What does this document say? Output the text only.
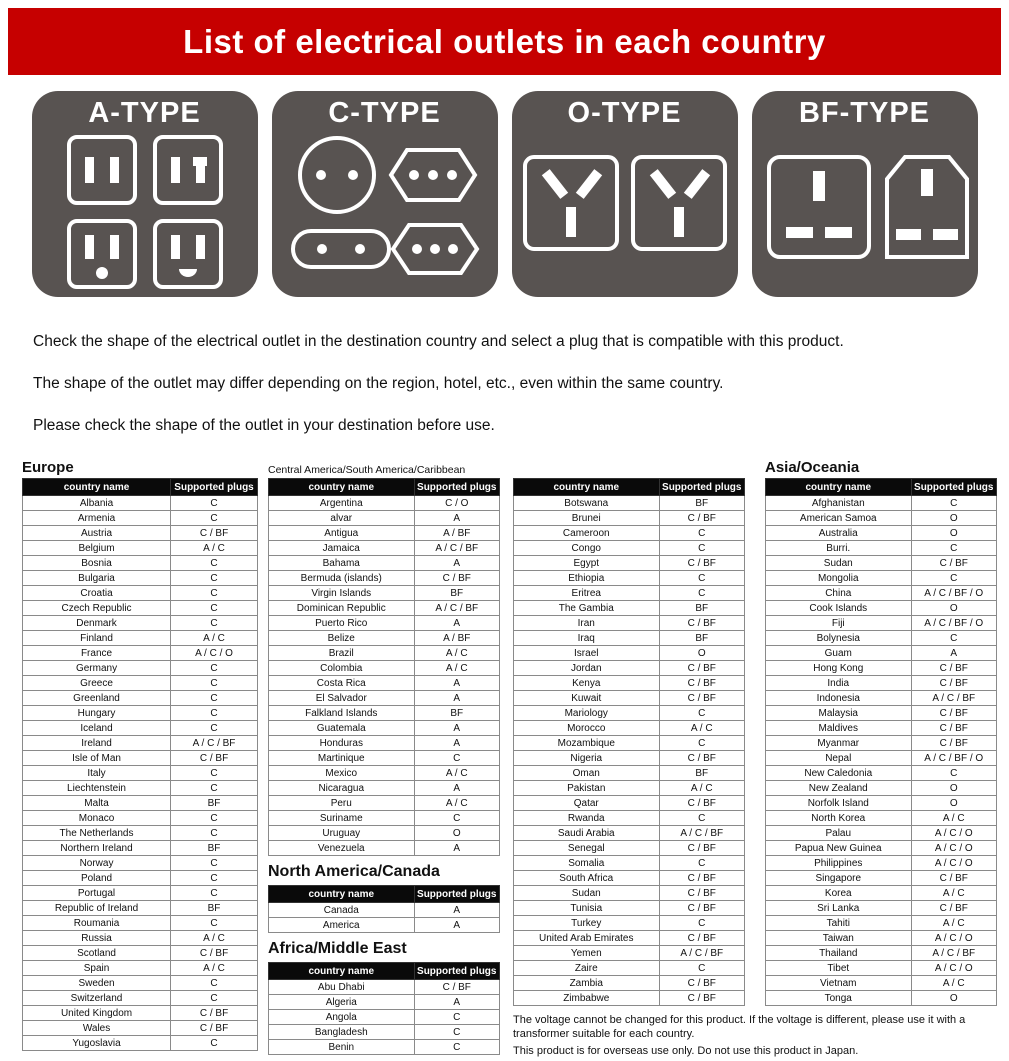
List of electrical outlets in each country
A-TYPE	C-TYPE	O-TYPE	BF-TYPE

Check the shape of the electrical outlet in the destination country and select a plug that is compatible with this product.

The shape of the outlet may differ depending on the region, hotel, etc., even within the same country.

Please check the shape of the outlet in your destination before use.

Europe
country name	Supported plugs
Albania	C
Armenia	C
Austria	C / BF
Belgium	A / C
Bosnia	C
Bulgaria	C
Croatia	C
Czech Republic	C
Denmark	C
Finland	A / C
France	A / C / O
Germany	C
Greece	C
Greenland	C
Hungary	C
Iceland	C
Ireland	A / C / BF
Isle of Man	C / BF
Italy	C
Liechtenstein	C
Malta	BF
Monaco	C
The Netherlands	C
Northern Ireland	BF
Norway	C
Poland	C
Portugal	C
Republic of Ireland	BF
Roumania	C
Russia	A / C
Scotland	C / BF
Spain	A / C
Sweden	C
Switzerland	C
United Kingdom	C / BF
Wales	C / BF
Yugoslavia	C
Central America/South America/Caribbean
country name	Supported plugs
Argentina	C / O
alvar	A
Antigua	A / BF
Jamaica	A / C / BF
Bahama	A
Bermuda (islands)	C / BF
Virgin Islands	BF
Dominican Republic	A / C / BF
Puerto Rico	A
Belize	A / BF
Brazil	A / C
Colombia	A / C
Costa Rica	A
El Salvador	A
Falkland Islands	BF
Guatemala	A
Honduras	A
Martinique	C
Mexico	A / C
Nicaragua	A
Peru	A / C
Suriname	C
Uruguay	O
Venezuela	A
North America/Canada
country name	Supported plugs
Canada	A
America	A
Africa/Middle East
country name	Supported plugs
Abu Dhabi	C / BF
Algeria	A
Angola	C
Bangladesh	C
Benin	C
country name	Supported plugs
Botswana	BF
Brunei	C / BF
Cameroon	C
Congo	C
Egypt	C / BF
Ethiopia	C
Eritrea	C
The Gambia	BF
Iran	C / BF
Iraq	BF
Israel	O
Jordan	C / BF
Kenya	C / BF
Kuwait	C / BF
Mariology	C
Morocco	A / C
Mozambique	C
Nigeria	C / BF
Oman	BF
Pakistan	A / C
Qatar	C / BF
Rwanda	C
Saudi Arabia	A / C / BF
Senegal	C / BF
Somalia	C
South Africa	C / BF
Sudan	C / BF
Tunisia	C / BF
Turkey	C
United Arab Emirates	C / BF
Yemen	A / C / BF
Zaire	C
Zambia	C / BF
Zimbabwe	C / BF

The voltage cannot be changed for this product. If the voltage is different, please use it with a transformer suitable for each country.

This product is for overseas use only. Do not use this product in Japan.

Asia/Oceania
country name	Supported plugs
Afghanistan	C
American Samoa	O
Australia	O
Burri.	C
Sudan	C / BF
Mongolia	C
China	A / C / BF / O
Cook Islands	O
Fiji	A / C / BF / O
Bolynesia	C
Guam	A
Hong Kong	C / BF
India	C / BF
Indonesia	A / C / BF
Malaysia	C / BF
Maldives	C / BF
Myanmar	C / BF
Nepal	A / C / BF / O
New Caledonia	C
New Zealand	O
Norfolk Island	O
North Korea	A / C
Palau	A / C / O
Papua New Guinea	A / C / O
Philippines	A / C / O
Singapore	C / BF
Korea	A / C
Sri Lanka	C / BF
Tahiti	A / C
Taiwan	A / C / O
Thailand	A / C / BF
Tibet	A / C / O
Vietnam	A / C
Tonga	O
